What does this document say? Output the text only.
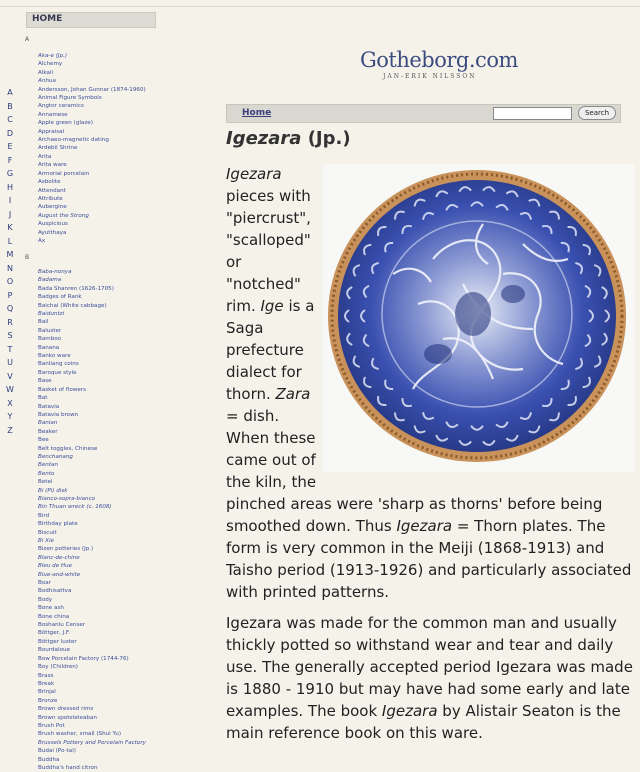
HOME
A
B
C
D
E
F
G
H
I
J
K
L
M
N
O
P
Q
R
S
T
U
V
W
X
Y
Z
A
Aka-e (Jp.)
Alchemy
Alkali
Anhua
Andersson, Johan Gunnar (1874-1960)
Animal Figure Symbols
Angtor ceramics
Annamese
Apple green (glaze)
Appraisal
Archaeo-magnetic dating
Ardebil Shrine
Arita
Arita ware
Armorial porcelain
Asbolite
Attendant
Attribute
Aubergine
August the Strong
Auspicious
Ayutthaya
Ax
B
Baba-nonya
Badama
Bada Shanren (1626-1705)
Badges of Rank
Baichai (White cabbage)
Baiduntzi
Bail
Baluster
Bamboo
Banana
Banko ware
Banliang coins
Baroque style
Base
Basket of flowers
Bat
Batavia
Batavia brown
Banian
Beaker
Bee
Belt toggles, Chinese
Benchanang
Bentan
Bento
Betel
Bi (Pi) disk
Bianco-sopra-bianco
Bin Thuan wreck (c. 1608)
Bird
Birthday plate
Biscuit
Bi Xie
Bizen potteries (Jp.)
Blanc-de-chine
Bleu de Hue
Blue-and-white
Boar
Bodhisattva
Body
Bone ash
Bone china
Boshanlu Censer
Böttger, J.F.
Böttger luster
Bourdaloue
Bow Porcelain Factory (1744-76)
Boy (Children)
Brass
Break
Brinjal
Bronze
Brown dressed rims
Brown spotsteleaban
Brush Pot
Brush washer, small (Shui Yu)
Brussels Pottery and Porcelain Factory
Budai (Po-tai)
Buddha
Buddha's hand citron
Gotheborg.com
JAN-ERIK NILSSON
Home	Search
Igezara (Jp.)

Igezara pieces with "piercrust", "scalloped" or "notched" rim. Ige is a Saga prefecture dialect for thorn. Zara = dish. When these came out of the kiln, the

pinched areas were 'sharp as thorns' before being smoothed down. Thus Igezara = Thorn plates. The form is very common in the Meiji (1868-1913) and Taisho period (1913-1926) and particularly associated with printed patterns.

Igezara was made for the common man and usually thickly potted so withstand wear and tear and daily use. The generally accepted period Igezara was made is 1880 - 1910 but may have had some early and late examples. The book Igezara by Alistair Seaton is the main reference book on this ware.
